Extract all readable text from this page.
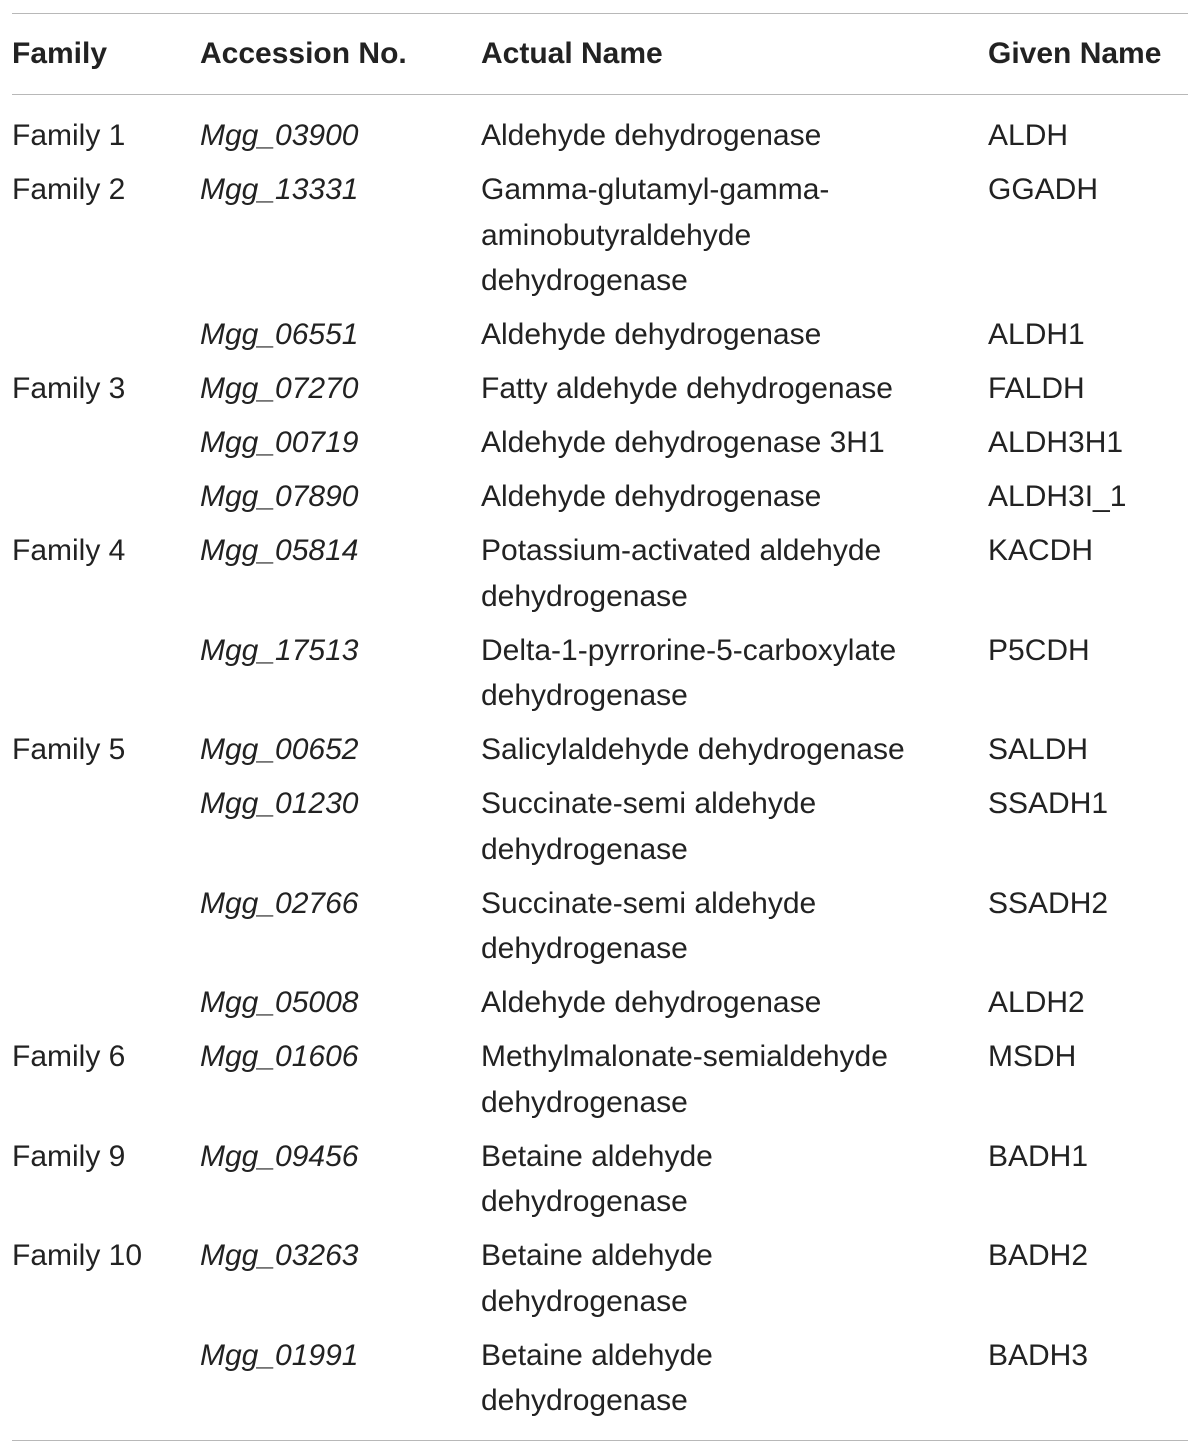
Family	Accession No.	Actual Name	Given Name
Family 1	Mgg_03900	Aldehyde dehydrogenase	ALDH
Family 2	Mgg_13331	Gamma-glutamyl-gamma-
aminobutyraldehyde
dehydrogenase	GGADH
	Mgg_06551	Aldehyde dehydrogenase	ALDH1
Family 3	Mgg_07270	Fatty aldehyde dehydrogenase	FALDH
	Mgg_00719	Aldehyde dehydrogenase 3H1	ALDH3H1
	Mgg_07890	Aldehyde dehydrogenase	ALDH3I_1
Family 4	Mgg_05814	Potassium-activated aldehyde
dehydrogenase	KACDH
	Mgg_17513	Delta-1-pyrrorine-5-carboxylate
dehydrogenase	P5CDH
Family 5	Mgg_00652	Salicylaldehyde dehydrogenase	SALDH
	Mgg_01230	Succinate-semi aldehyde
dehydrogenase	SSADH1
	Mgg_02766	Succinate-semi aldehyde
dehydrogenase	SSADH2
	Mgg_05008	Aldehyde dehydrogenase	ALDH2
Family 6	Mgg_01606	Methylmalonate-semialdehyde
dehydrogenase	MSDH
Family 9	Mgg_09456	Betaine aldehyde
dehydrogenase	BADH1
Family 10	Mgg_03263	Betaine aldehyde
dehydrogenase	BADH2
	Mgg_01991	Betaine aldehyde
dehydrogenase	BADH3
